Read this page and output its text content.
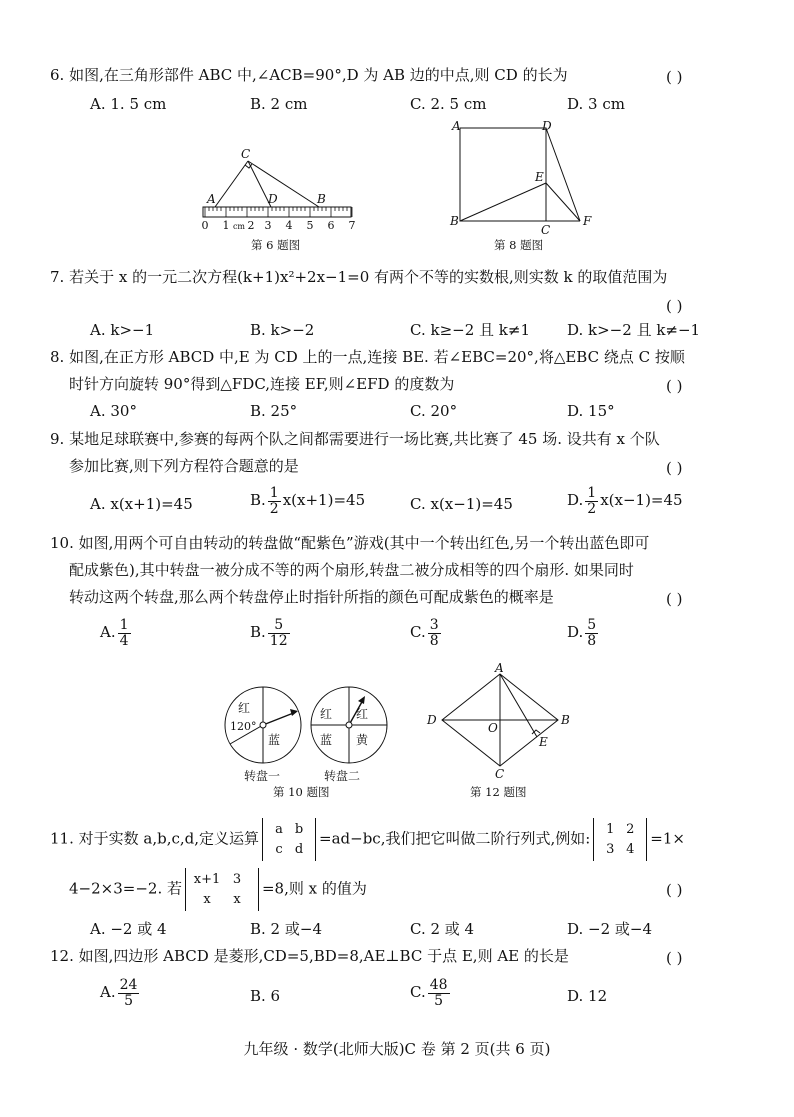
6. 如图,在三角形部件 ABC 中,∠ACB=90°,D 为 AB 边的中点,则 CD 的长为	( )
A. 1. 5 cm	B. 2 cm	C. 2. 5 cm	D. 3 cm
0 1 cm 2 3 4 5 6 7
C
A	D	B
第 6 题图
A	D
E
B
C
F
第 8 题图
7. 若关于 x 的一元二次方程(k+1)x²+2x−1=0 有两个不等的实数根,则实数 k 的取值范围为
( )
A. k>−1	B. k>−2	C. k≥−2 且 k≠1 D. k>−2 且 k≠−1
8. 如图,在正方形 ABCD 中,E 为 CD 上的一点,连接 BE. 若∠EBC=20°,将△EBC 绕点 C 按顺
时针方向旋转 90°得到△FDC,连接 EF,则∠EFD 的度数为	( )
A. 30°	B. 25°	C. 20°	D. 15°
9. 某地足球联赛中,参赛的每两个队之间都需要进行一场比赛,共比赛了 45 场. 设共有 x 个队
参加比赛,则下列方程符合题意的是	( )
A. x(x+1)=45	B. $\frac{1}{2} x(x+1)=45$	C. x(x−1)=45	D. $\frac{1}{2} x(x-1)=45$
10. 如图,用两个可自由转动的转盘做“配紫色”游戏(其中一个转出红色,另一个转出蓝色即可
配成紫色),其中转盘一被分成不等的两个扇形,转盘二被分成相等的四个扇形. 如果同时
转动这两个转盘,那么两个转盘停止时指针所指的颜色可配成紫色的概率是	( )
A. $\frac{1}{4}$	B. $\frac{5}{12}$	C. $\frac{3}{8}$	D. $\frac{5}{8}$
红
120°
蓝
红 红
蓝 黄
转盘一	转盘二
第 10 题图
A
D	B
O
E
C
第 12 题图
11. 对于实数 a,b,c,d,定义运算 a b
c d=ad−bc,我们把它叫做二阶行列式,例如: 1 2
3 4=1×
4−2×3=−2. 若 x+1 3
x x=8,则 x 的值为	( )
A. −2 或 4	B. 2 或−4	C. 2 或 4	D. −2 或−4
12. 如图,四边形 ABCD 是菱形,CD=5,BD=8,AE⊥BC 于点 E,则 AE 的长是	( )
A. $\frac{24}{5}$	B. 6	C. $\frac{48}{5}$	D. 12
九年级 · 数学(北师大版)C 卷 第 2 页(共 6 页)
